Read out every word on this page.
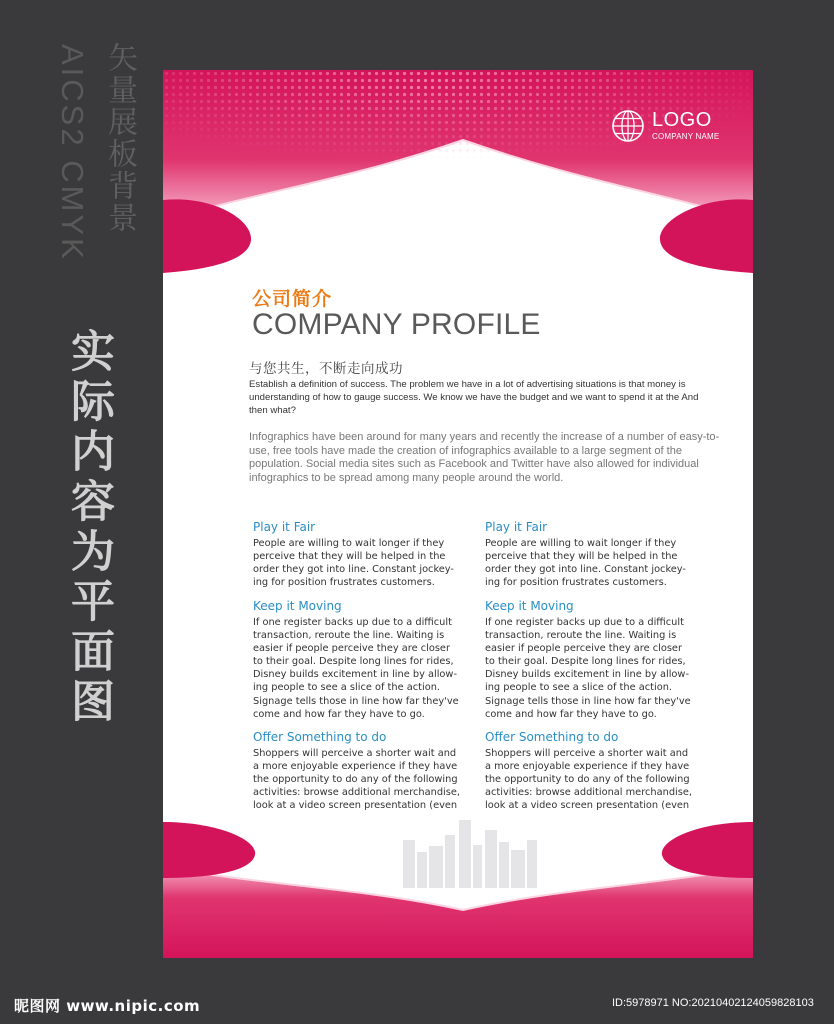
AICS2 CMYK 矢量展板背景
实际内容为平面图
LOGO
COMPANY NAME
公司简介
COMPANY PROFILE
与您共生，不断走向成功
Establish a definition of success. The problem we have in a lot of advertising situations is that money is understanding of how to gauge success. We know we have the budget and we want to spend it at the And then what?
Infographics have been around for many years and recently the increase of a number of easy-to-use, free tools have made the creation of infographics available to a large segment of the population. Social media sites such as Facebook and Twitter have also allowed for individual infographics to be spread among many people around the world.
Play it Fair

People are willing to wait longer if they
perceive that they will be helped in the
order they got into line. Constant jockey-
ing for position frustrates customers.

Keep it Moving

If one register backs up due to a difficult
transaction, reroute the line. Waiting is
easier if people perceive they are closer
to their goal. Despite long lines for rides,
Disney builds excitement in line by allow-
ing people to see a slice of the action.
Signage tells those in line how far they've
come and how far they have to go.

Offer Something to do

Shoppers will perceive a shorter wait and
a more enjoyable experience if they have
the opportunity to do any of the following
activities: browse additional merchandise,
look at a video screen presentation (even

Play it Fair

People are willing to wait longer if they
perceive that they will be helped in the
order they got into line. Constant jockey-
ing for position frustrates customers.

Keep it Moving

If one register backs up due to a difficult
transaction, reroute the line. Waiting is
easier if people perceive they are closer
to their goal. Despite long lines for rides,
Disney builds excitement in line by allow-
ing people to see a slice of the action.
Signage tells those in line how far they've
come and how far they have to go.

Offer Something to do

Shoppers will perceive a shorter wait and
a more enjoyable experience if they have
the opportunity to do any of the following
activities: browse additional merchandise,
look at a video screen presentation (even

昵图网 www.nipic.com	ID:5978971 NO:20210402124059828103
